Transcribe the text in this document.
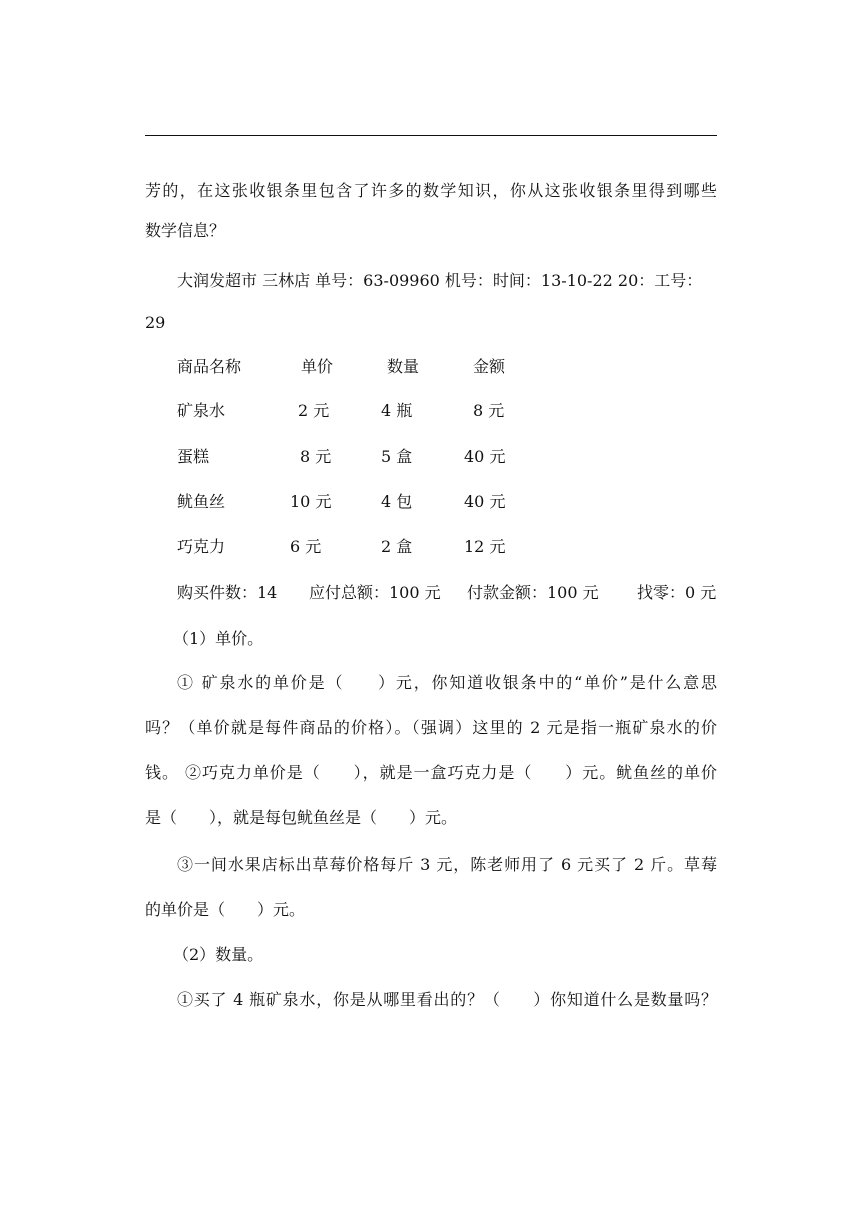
芳的，在这张收银条里包含了许多的数学知识，你从这张收银条里得到哪些
数学信息？
大润发超市 三林店 单号：63-09960 机号：时间：13-10-22 20：工号：
29
商品名称	单价	数量	金额
矿泉水	2 元	4 瓶	8 元
蛋糕	8 元	5 盒	40 元
鱿鱼丝	10 元	4 包	40 元
巧克力	6 元	2 盒	12 元
购买件数：14 应付总额：100 元 付款金额：100 元 找零：0 元
（1）单价。
① 矿泉水的单价是（ ）元，你知道收银条中的“单价”是什么意思
吗？（单价就是每件商品的价格）。（强调）这里的 2 元是指一瓶矿泉水的价
钱。 ②巧克力单价是（ ），就是一盒巧克力是（ ）元。鱿鱼丝的单价
是（ ），就是每包鱿鱼丝是（ ）元。
③一间水果店标出草莓价格每斤 3 元，陈老师用了 6 元买了 2 斤。草莓
的单价是（ ）元。
（2）数量。
①买了 4 瓶矿泉水，你是从哪里看出的？（ ）你知道什么是数量吗？
